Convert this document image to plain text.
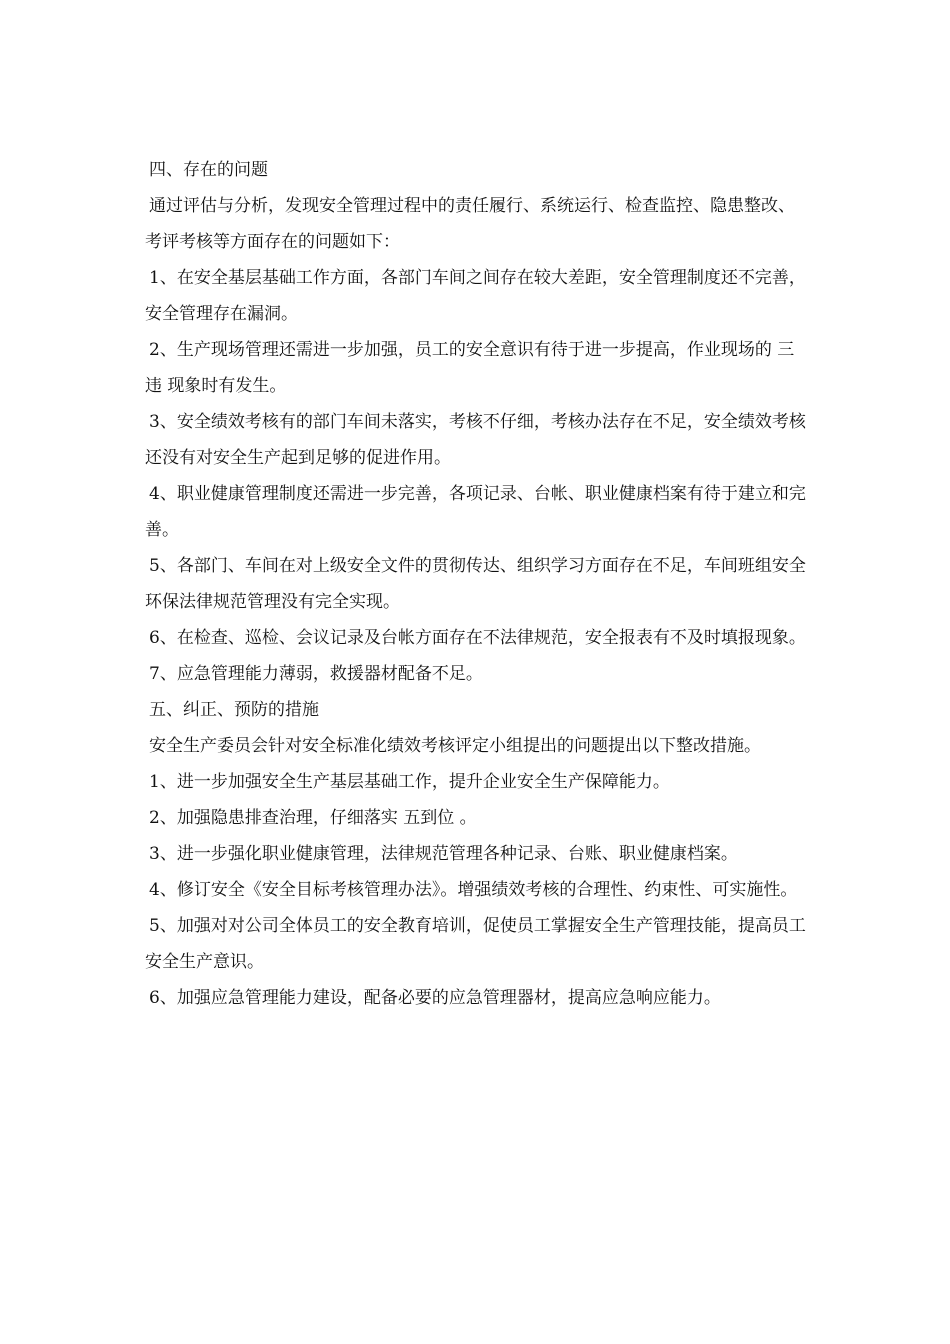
四、存在的问题

通过评估与分析，发现安全管理过程中的责任履行、系统运行、检查监控、隐患整改、考评考核等方面存在的问题如下：

1、在安全基层基础工作方面，各部门车间之间存在较大差距，安全管理制度还不完善，安全管理存在漏洞。

2、生产现场管理还需进一步加强，员工的安全意识有待于进一步提高，作业现场的 三违 现象时有发生。

3、安全绩效考核有的部门车间未落实，考核不仔细，考核办法存在不足，安全绩效考核还没有对安全生产起到足够的促进作用。

4、职业健康管理制度还需进一步完善，各项记录、台帐、职业健康档案有待于建立和完善。

5、各部门、车间在对上级安全文件的贯彻传达、组织学习方面存在不足，车间班组安全环保法律规范管理没有完全实现。

6、在检查、巡检、会议记录及台帐方面存在不法律规范，安全报表有不及时填报现象。

7、应急管理能力薄弱，救援器材配备不足。

五、纠正、预防的措施

安全生产委员会针对安全标准化绩效考核评定小组提出的问题提出以下整改措施。

1、进一步加强安全生产基层基础工作，提升企业安全生产保障能力。

2、加强隐患排查治理，仔细落实 五到位 。

3、进一步强化职业健康管理，法律规范管理各种记录、台账、职业健康档案。

4、修订安全《安全目标考核管理办法》。增强绩效考核的合理性、约束性、可实施性。

5、加强对对公司全体员工的安全教育培训，促使员工掌握安全生产管理技能，提高员工安全生产意识。

6、加强应急管理能力建设，配备必要的应急管理器材，提高应急响应能力。
